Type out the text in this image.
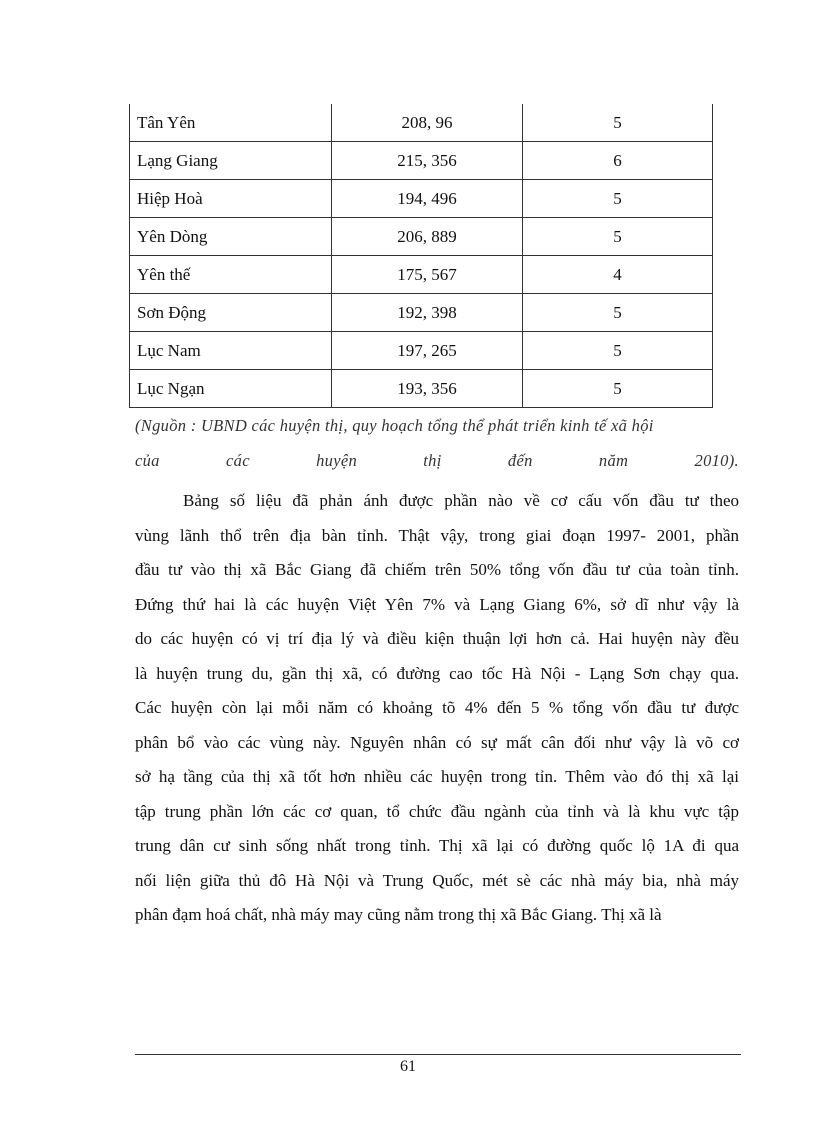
Tân Yên	208, 96	5
Lạng Giang	215, 356	6
Hiệp Hoà	194, 496	5
Yên Dòng	206, 889	5
Yên thế	175, 567	4
Sơn Động	192, 398	5
Lục Nam	197, 265	5
Lục Ngạn	193, 356	5
(Nguồn : UBND các huyện thị, quy hoạch tổng thể phát triển kinh tế xã hội
của	các	huyện	thị	đến	năm	2010).

Bảng số liệu đã phản ánh được phần nào về cơ cấu vốn đầu tư theo

vùng lãnh thổ trên địa bàn tỉnh. Thật vậy, trong giai đoạn 1997- 2001, phần

đầu tư vào thị xã Bắc Giang đã chiếm trên 50% tổng vốn đầu tư của toàn tỉnh.

Đứng thứ hai là các huyện Việt Yên 7% và Lạng Giang 6%, sở dĩ như vậy là

do các huyện có vị trí địa lý và điều kiện thuận lợi hơn cả. Hai huyện này đều

là huyện trung du, gần thị xã, có đường cao tốc Hà Nội - Lạng Sơn chạy qua.

Các huyện còn lại mỗi năm có khoảng tõ 4% đến 5 % tổng vốn đầu tư được

phân bổ vào các vùng này. Nguyên nhân có sự mất cân đối như vậy là võ cơ

sở hạ tầng của thị xã tốt hơn nhiều các huyện trong tỉn. Thêm vào đó thị xã lại

tập trung phần lớn các cơ quan, tổ chức đầu ngành của tỉnh và là khu vực tập

trung dân cư sinh sống nhất trong tỉnh. Thị xã lại có đường quốc lộ 1A đi qua

nối liện giữa thủ đô Hà Nội và Trung Quốc, mét sè các nhà máy bia, nhà máy

phân đạm hoá chất, nhà máy may cũng nằm trong thị xã Bắc Giang. Thị xã là

61
